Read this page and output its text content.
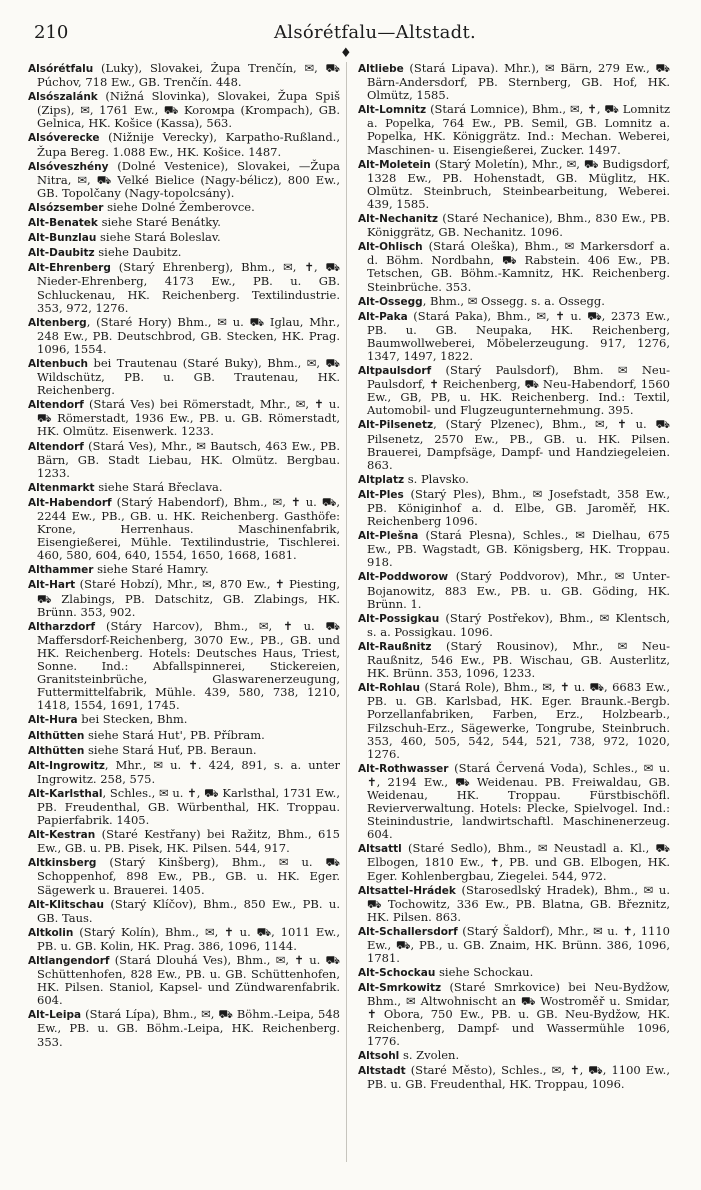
210	Alsórétfalu—Altstadt.
♦

Alsórétfalu (Luky), Slovakei, Župa Trenčín, ✉, ⛟ Púchov, 718 Ew., GB. Trenčín. 448.

Alsószalánk (Nižná Slovinka), Slovakei, Župa Spiš (Zips), ✉, 1761 Ew., ⛟ Koroмpa (Krompach), GB. Gelnica, HK. Košice (Kassa), 563.

Alsóverecke (Nižnije Verecky), Karpatho-Rußland., Župa Bereg. 1.088 Ew., HK. Košice. 1487.

Alsóveszhény (Dolné Vestenice), Slovakei, —Župa Nitra, ✉, ⛟ Velké Bielice (Nagy-bélicz), 800 Ew., GB. Topolčany (Nagy-topolcsány).

Alsózsember siehe Dolné Žemberovce.

Alt-Benatek siehe Staré Benátky.

Alt-Bunzlau siehe Stará Boleslav.

Alt-Daubitz siehe Daubitz.

Alt-Ehrenberg (Starý Ehrenberg), Bhm., ✉, ✝, ⛟ Nieder-Ehrenberg, 4173 Ew., PB. u. GB. Schluckenau, HK. Reichenberg. Textilindustrie. 353, 972, 1276.

Altenberg, (Staré Hory) Bhm., ✉ u. ⛟ Iglau, Mhr., 248 Ew., PB. Deutschbrod, GB. Stecken, HK. Prag. 1096, 1554.

Altenbuch bei Trautenau (Staré Buky), Bhm., ✉, ⛟ Wildschütz, PB. u. GB. Trautenau, HK. Reichenberg.

Altendorf (Stará Ves) bei Römerstadt, Mhr., ✉, ✝ u. ⛟ Römerstadt, 1936 Ew., PB. u. GB. Römerstadt, HK. Olmütz. Eisenwerk. 1233.

Altendorf (Stará Ves), Mhr., ✉ Bautsch, 463 Ew., PB. Bärn, GB. Stadt Liebau, HK. Olmütz. Bergbau. 1233.

Altenmarkt siehe Stará Břeclava.

Alt-Habendorf (Starý Habendorf), Bhm., ✉, ✝ u. ⛟, 2244 Ew., PB., GB. u. HK. Reichenberg. Gasthöfe: Krone, Herrenhaus. Maschinenfabrik, Eisengießerei, Mühle. Textilindustrie, Tischlerei. 460, 580, 604, 640, 1554, 1650, 1668, 1681.

Althammer siehe Staré Hamry.

Alt-Hart (Staré Hobzí), Mhr., ✉, 870 Ew., ✝ Piesting, ⛟ Zlabings, PB. Datschitz, GB. Zlabings, HK. Brünn. 353, 902.

Altharzdorf (Stáry Harcov), Bhm., ✉, ✝ u. ⛟ Maffersdorf-Reichenberg, 3070 Ew., PB., GB. und HK. Reichenberg. Hotels: Deutsches Haus, Triest, Sonne. Ind.: Abfallspinnerei, Stickereien, Granitsteinbrüche, Glaswarenerzeugung, Futtermittelfabrik, Mühle. 439, 580, 738, 1210, 1418, 1554, 1691, 1745.

Alt-Hura bei Stecken, Bhm.

Althütten siehe Stará Hut', PB. Příbram.

Althütten siehe Stará Huť, PB. Beraun.

Alt-Ingrowitz, Mhr., ✉ u. ✝. 424, 891, s. a. unter Ingrowitz. 258, 575.

Alt-Karlsthal, Schles., ✉ u. ✝, ⛟ Karlsthal, 1731 Ew., PB. Freudenthal, GB. Würbenthal, HK. Troppau. Papierfabrik. 1405.

Alt-Kestran (Staré Kestřany) bei Ražitz, Bhm., 615 Ew., GB. u. PB. Pisek, HK. Pilsen. 544, 917.

Altkinsberg (Starý Kinšberg), Bhm., ✉ u. ⛟ Schoppenhof, 898 Ew., PB., GB. u. HK. Eger. Sägewerk u. Brauerei. 1405.

Alt-Klitschau (Starý Klíčov), Bhm., 850 Ew., PB. u. GB. Taus.

Altkolin (Starý Kolín), Bhm., ✉, ✝ u. ⛟, 1011 Ew., PB. u. GB. Kolin, HK. Prag. 386, 1096, 1144.

Altlangendorf (Stará Dlouhá Ves), Bhm., ✉, ✝ u. ⛟ Schüttenhofen, 828 Ew., PB. u. GB. Schüttenhofen, HK. Pilsen. Staniol, Kapsel- und Zündwarenfabrik. 604.

Alt-Leipa (Stará Lípa), Bhm., ✉, ⛟ Böhm.-Leipa, 548 Ew., PB. u. GB. Böhm.-Leipa, HK. Reichenberg. 353.

Altliebe (Stará Lipava). Mhr.), ✉ Bärn, 279 Ew., ⛟ Bärn-Andersdorf, PB. Sternberg, GB. Hof, HK. Olmütz, 1585.

Alt-Lomnitz (Stará Lomnice), Bhm., ✉, ✝, ⛟ Lomnitz a. Popelka, 764 Ew., PB. Semil, GB. Lomnitz a. Popelka, HK. Königgrätz. Ind.: Mechan. Weberei, Maschinen- u. Eisengießerei, Zucker. 1497.

Alt-Moletein (Starý Moletín), Mhr., ✉, ⛟ Budigsdorf, 1328 Ew., PB. Hohenstadt, GB. Müglitz, HK. Olmütz. Steinbruch, Steinbearbeitung, Weberei. 439, 1585.

Alt-Nechanitz (Staré Nechanice), Bhm., 830 Ew., PB. Königgrätz, GB. Nechanitz. 1096.

Alt-Ohlisch (Stará Oleška), Bhm., ✉ Markersdorf a. d. Böhm. Nordbahn, ⛟ Rabstein. 406 Ew., PB. Tetschen, GB. Böhm.-Kamnitz, HK. Reichenberg. Steinbrüche. 353.

Alt-Ossegg, Bhm., ✉ Ossegg. s. a. Ossegg.

Alt-Paka (Stará Paka), Bhm., ✉, ✝ u. ⛟, 2373 Ew., PB. u. GB. Neupaka, HK. Reichenberg, Baumwollweberei, Möbelerzeugung. 917, 1276, 1347, 1497, 1822.

Altpaulsdorf (Starý Paulsdorf), Bhm. ✉ Neu-Paulsdorf, ✝ Reichenberg, ⛟ Neu-Habendorf, 1560 Ew., GB, PB, u. HK. Reichenberg. Ind.: Textil, Automobil- und Flugzeugunternehmung. 395.

Alt-Pilsenetz, (Starý Plzenec), Bhm., ✉, ✝ u. ⛟ Pilsenetz, 2570 Ew., PB., GB. u. HK. Pilsen. Brauerei, Dampfsäge, Dampf- und Handziegeleien. 863.

Altplatz s. Plavsko.

Alt-Ples (Starý Ples), Bhm., ✉ Josefstadt, 358 Ew., PB. Königinhof a. d. Elbe, GB. Jaroměř, HK. Reichenberg 1096.

Alt-Plešna (Stará Plesna), Schles., ✉ Dielhau, 675 Ew., PB. Wagstadt, GB. Königsberg, HK. Troppau. 918.

Alt-Poddworow (Starý Poddvorov), Mhr., ✉ Unter-Bojanowitz, 883 Ew., PB. u. GB. Göding, HK. Brünn. 1.

Alt-Possigkau (Starý Postřekov), Bhm., ✉ Klentsch, s. a. Possigkau. 1096.

Alt-Raußnitz (Starý Rousinov), Mhr., ✉ Neu-Raußnitz, 546 Ew., PB. Wischau, GB. Austerlitz, HK. Brünn. 353, 1096, 1233.

Alt-Rohlau (Stará Role), Bhm., ✉, ✝ u. ⛟, 6683 Ew., PB. u. GB. Karlsbad, HK. Eger. Braunk.-Bergb. Porzellanfabriken, Farben, Erz., Holzbearb., Filzschuh-Erz., Sägewerke, Tongrube, Steinbruch. 353, 460, 505, 542, 544, 521, 738, 972, 1020, 1276.

Alt-Rothwasser (Stará Červená Voda), Schles., ✉ u. ✝, 2194 Ew., ⛟ Weidenau. PB. Freiwaldau, GB. Weidenau, HK. Troppau. Fürstbischöfl. Revierverwaltung. Hotels: Plecke, Spielvogel. Ind.: Steinindustrie, landwirtschaftl. Maschinenerzeug. 604.

Altsattl (Staré Sedlo), Bhm., ✉ Neustadl a. Kl., ⛟ Elbogen, 1810 Ew., ✝, PB. und GB. Elbogen, HK. Eger. Kohlenbergbau, Ziegelei. 544, 972.

Altsattel-Hrádek (Starosedlský Hradek), Bhm., ✉ u. ⛟ Tochowitz, 336 Ew., PB. Blatna, GB. Březnitz, HK. Pilsen. 863.

Alt-Schallersdorf (Starý Šaldorf), Mhr., ✉ u. ✝, 1110 Ew., ⛟, PB., u. GB. Znaim, HK. Brünn. 386, 1096, 1781.

Alt-Schockau siehe Schockau.

Alt-Smrkowitz (Staré Smrkovice) bei Neu-Bydžow, Bhm., ✉ Altwohnischt an ⛟ Wostroměř u. Smidar, ✝ Obora, 750 Ew., PB. u. GB. Neu-Bydžow, HK. Reichenberg, Dampf- und Wassermühle 1096, 1776.

Altsohl s. Zvolen.

Altstadt (Staré Město), Schles., ✉, ✝, ⛟, 1100 Ew., PB. u. GB. Freudenthal, HK. Troppau, 1096.
